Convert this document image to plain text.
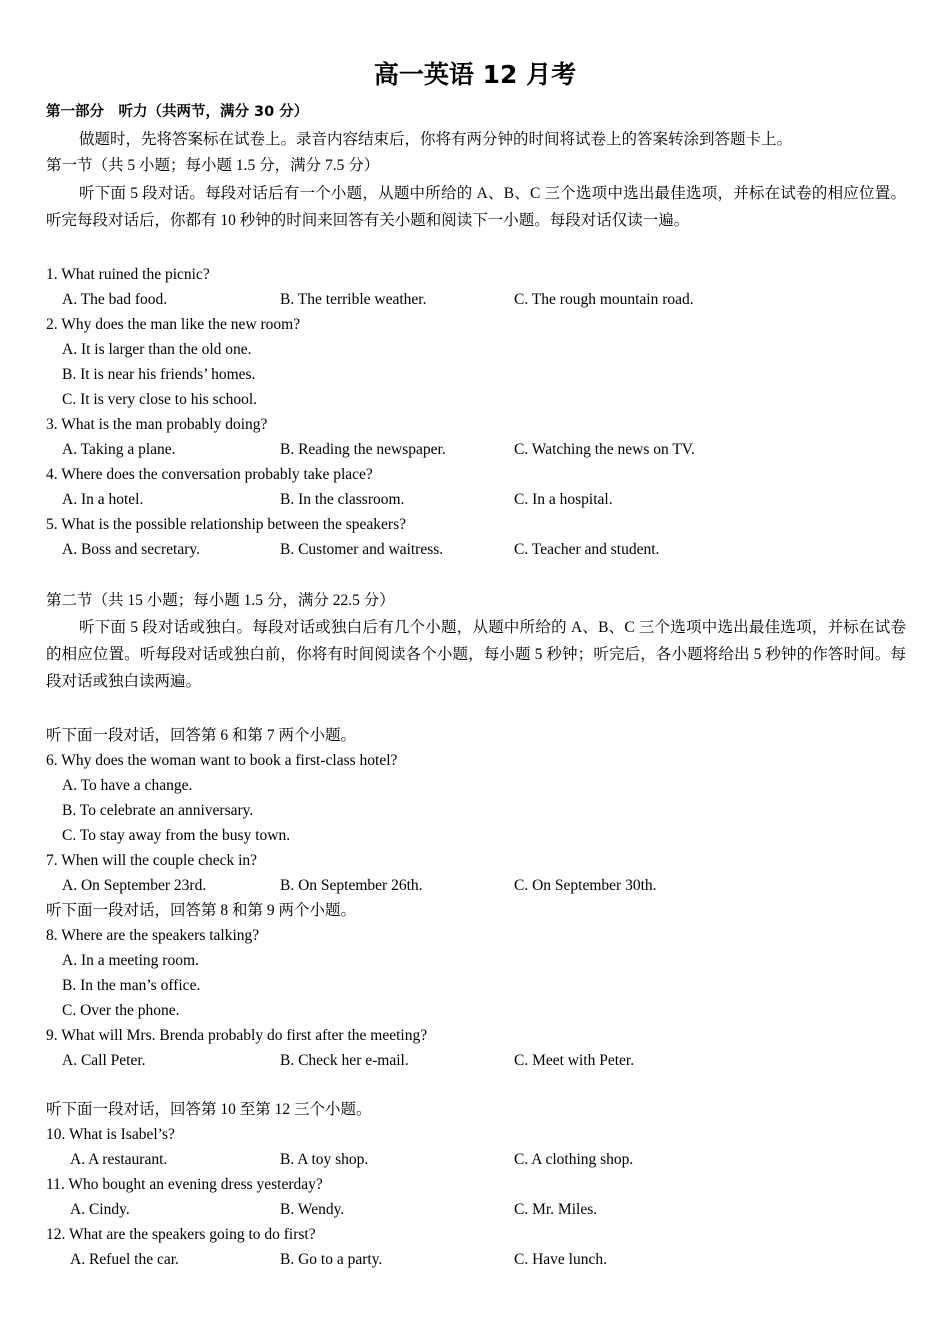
高一英语 12 月考
第一部分　听力（共两节，满分 30 分）
做题时，先将答案标在试卷上。录音内容结束后，你将有两分钟的时间将试卷上的答案转涂到答题卡上。
第一节（共 5 小题；每小题 1.5 分，满分 7.5 分）
听下面 5 段对话。每段对话后有一个小题，从题中所给的 A、B、C 三个选项中选出最佳选项，并标在试卷的相应位置。听完每段对话后，你都有 10 秒钟的时间来回答有关小题和阅读下一小题。每段对话仅读一遍。
1. What ruined the picnic?
A. The bad food.	B. The terrible weather.	C. The rough mountain road.
2. Why does the man like the new room?
A. It is larger than the old one.
B. It is near his friends’ homes.
C. It is very close to his school.
3. What is the man probably doing?
A. Taking a plane.	B. Reading the newspaper.	C. Watching the news on TV.
4. Where does the conversation probably take place?
A. In a hotel.	B. In the classroom.	C. In a hospital.
5. What is the possible relationship between the speakers?
A. Boss and secretary.	B. Customer and waitress.	C. Teacher and student.
第二节（共 15 小题；每小题 1.5 分，满分 22.5 分）
听下面 5 段对话或独白。每段对话或独白后有几个小题，从题中所给的 A、B、C 三个选项中选出最佳选项，并标在试卷的相应位置。听每段对话或独白前，你将有时间阅读各个小题，每小题 5 秒钟；听完后，各小题将给出 5 秒钟的作答时间。每段对话或独白读两遍。
听下面一段对话，回答第 6 和第 7 两个小题。
6. Why does the woman want to book a first-class hotel?
A. To have a change.
B. To celebrate an anniversary.
C. To stay away from the busy town.
7. When will the couple check in?
A. On September 23rd.	B. On September 26th.	C. On September 30th.
听下面一段对话，回答第 8 和第 9 两个小题。
8. Where are the speakers talking?
A. In a meeting room.
B. In the man’s office.
C. Over the phone.
9. What will Mrs. Brenda probably do first after the meeting?
A. Call Peter.	B. Check her e-mail.	C. Meet with Peter.
听下面一段对话，回答第 10 至第 12 三个小题。
10. What is Isabel’s?
A. A restaurant.	B. A toy shop.	C. A clothing shop.
11. Who bought an evening dress yesterday?
A. Cindy.	B. Wendy.	C. Mr. Miles.
12. What are the speakers going to do first?
A. Refuel the car.	B. Go to a party.	C. Have lunch.
